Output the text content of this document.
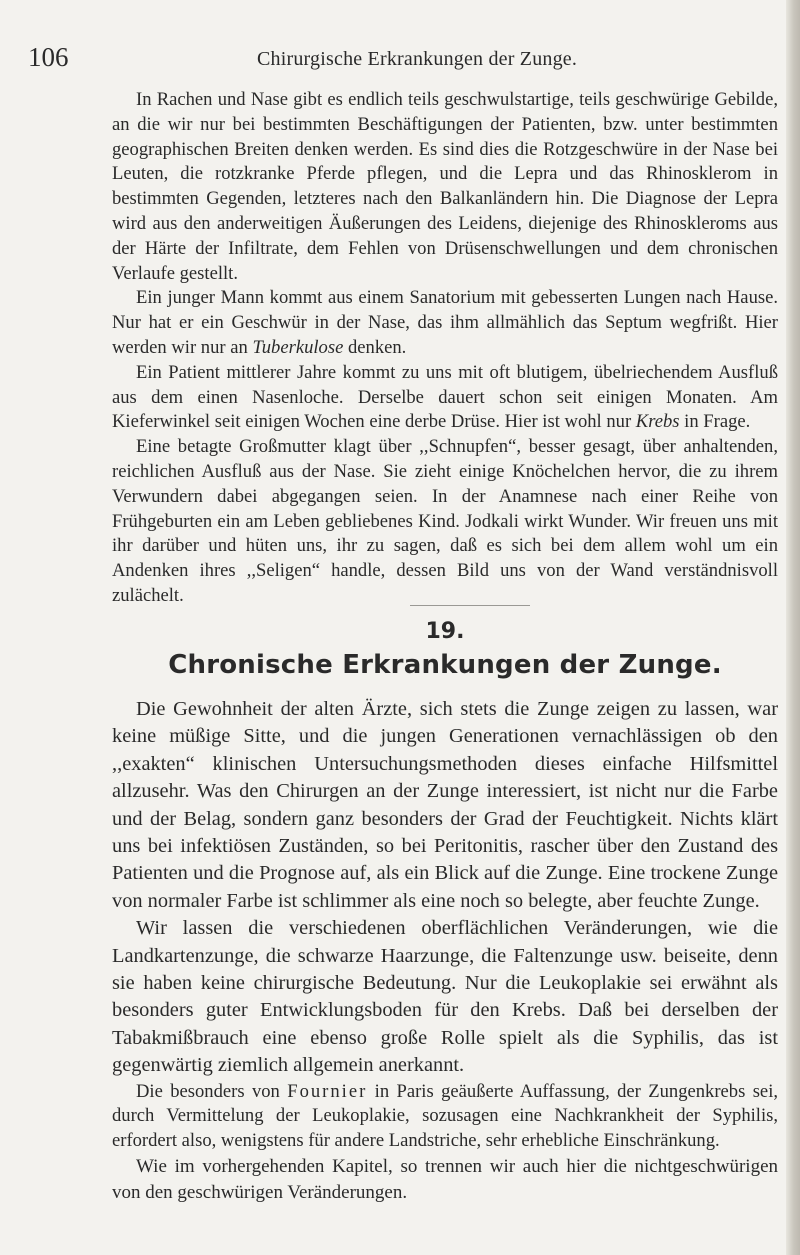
106	Chirurgische Erkrankungen der Zunge.

In Rachen und Nase gibt es endlich teils geschwulstartige, teils geschwürige Gebilde, an die wir nur bei bestimmten Beschäftigungen der Patienten, bzw. unter bestimmten geographischen Breiten denken werden. Es sind dies die Rotzgeschwüre in der Nase bei Leuten, die rotzkranke Pferde pflegen, und die Lepra und das Rhinosklerom in bestimmten Gegenden, letzteres nach den Balkanländern hin. Die Diagnose der Lepra wird aus den anderweitigen Äußerungen des Leidens, diejenige des Rhinoskleroms aus der Härte der Infiltrate, dem Fehlen von Drüsenschwellungen und dem chronischen Verlaufe gestellt.

Ein junger Mann kommt aus einem Sanatorium mit gebesserten Lungen nach Hause. Nur hat er ein Geschwür in der Nase, das ihm allmählich das Septum wegfrißt. Hier werden wir nur an Tuberkulose denken.

Ein Patient mittlerer Jahre kommt zu uns mit oft blutigem, übelriechendem Ausfluß aus dem einen Nasenloche. Derselbe dauert schon seit einigen Monaten. Am Kieferwinkel seit einigen Wochen eine derbe Drüse. Hier ist wohl nur Krebs in Frage.

Eine betagte Großmutter klagt über ,,Schnupfen“, besser gesagt, über anhaltenden, reichlichen Ausfluß aus der Nase. Sie zieht einige Knöchelchen hervor, die zu ihrem Verwundern dabei abgegangen seien. In der Anamnese nach einer Reihe von Frühgeburten ein am Leben gebliebenes Kind. Jodkali wirkt Wunder. Wir freuen uns mit ihr darüber und hüten uns, ihr zu sagen, daß es sich bei dem allem wohl um ein Andenken ihres ,,Seligen“ handle, dessen Bild uns von der Wand verständnisvoll zulächelt.

19.
Chronische Erkrankungen der Zunge.

Die Gewohnheit der alten Ärzte, sich stets die Zunge zeigen zu lassen, war keine müßige Sitte, und die jungen Generationen vernachlässigen ob den ,,exakten“ klinischen Untersuchungsmethoden dieses einfache Hilfsmittel allzusehr. Was den Chirurgen an der Zunge interessiert, ist nicht nur die Farbe und der Belag, sondern ganz besonders der Grad der Feuchtigkeit. Nichts klärt uns bei infektiösen Zuständen, so bei Peritonitis, rascher über den Zustand des Patienten und die Prognose auf, als ein Blick auf die Zunge. Eine trockene Zunge von normaler Farbe ist schlimmer als eine noch so belegte, aber feuchte Zunge.

Wir lassen die verschiedenen oberflächlichen Veränderungen, wie die Landkartenzunge, die schwarze Haarzunge, die Faltenzunge usw. beiseite, denn sie haben keine chirurgische Bedeutung. Nur die Leukoplakie sei erwähnt als besonders guter Entwicklungsboden für den Krebs. Daß bei derselben der Tabakmißbrauch eine ebenso große Rolle spielt als die Syphilis, das ist gegenwärtig ziemlich allgemein anerkannt.

Die besonders von Fournier in Paris geäußerte Auffassung, der Zungenkrebs sei, durch Vermittelung der Leukoplakie, sozusagen eine Nachkrankheit der Syphilis, erfordert also, wenigstens für andere Landstriche, sehr erhebliche Einschränkung.

Wie im vorhergehenden Kapitel, so trennen wir auch hier die nichtgeschwürigen von den geschwürigen Veränderungen.
